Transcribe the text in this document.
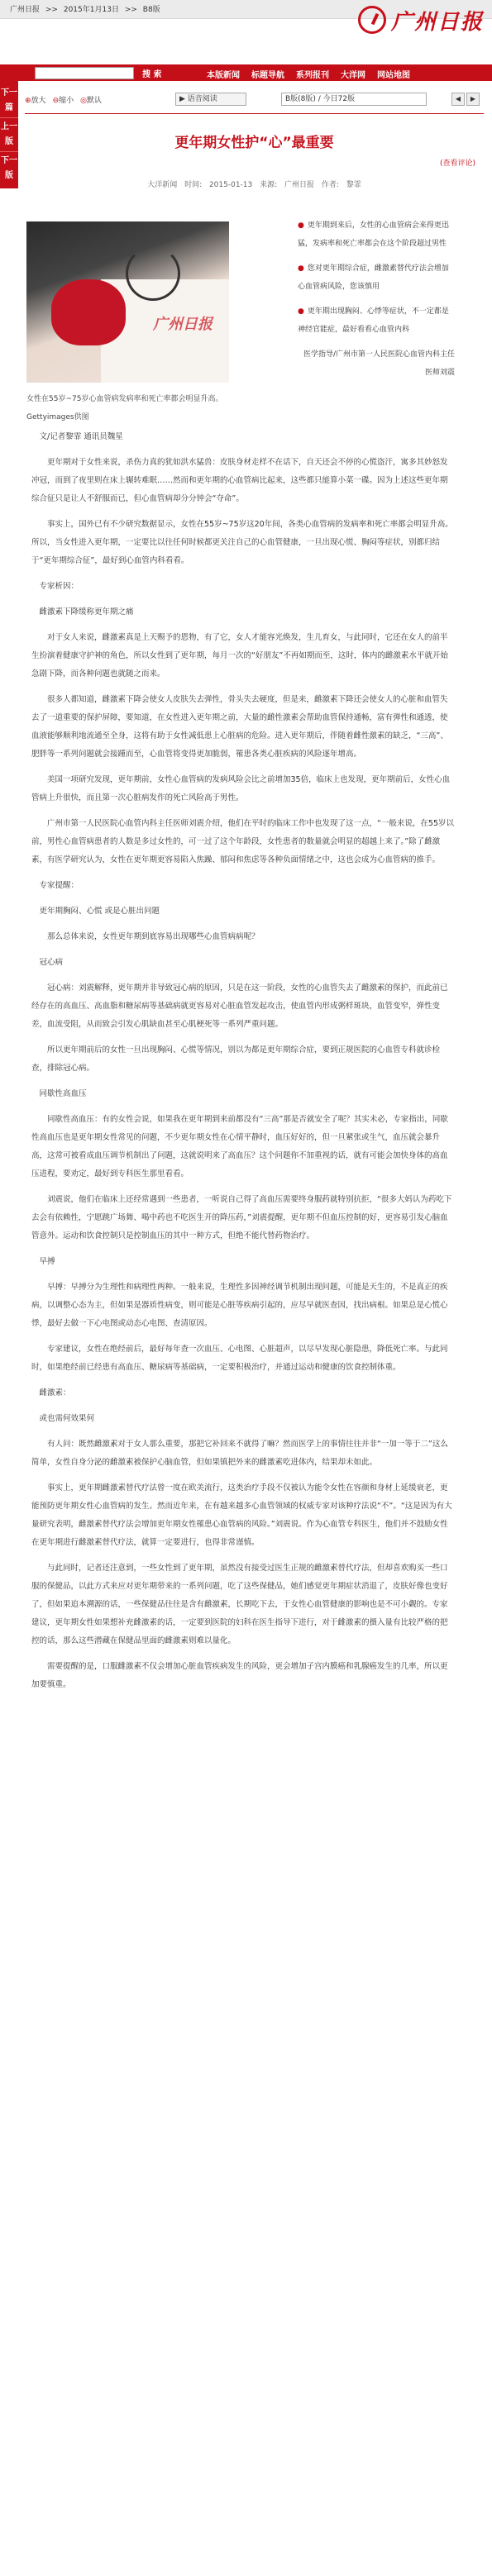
广州日报 >> 2015年1月13日 >> B8版	广州日报
搜 索	本版新闻 标题导航 系列报刊 大洋网 网站地图
下一篇
上一版
下一版
⊕放大 ⊖缩小 ◎默认	▶ 语音阅读	B版(8版) / 今日72版	◀	▶
更年期女性护“心”最重要
(查看评论)
大洋新闻 时间: 2015-01-13 来源: 广州日报 作者: 黎霏
广州日报
女性在55岁~75岁心血管病发病率和死亡率都会明显升高。 Gettyimages供图

● 更年期到来后，女性的心血管病会来得更迅猛，发病率和死亡率都会在这个阶段超过男性

● 您对更年期综合症，雌激素替代疗法会增加心血管病风险，您该慎用

● 更年期出现胸闷、心悸等症状，不一定都是神经官能症，最好看看心血管内科

医学指导/广州市第一人民医院心血管内科主任医师刘震

文/记者黎霏 通讯员魏星

更年期对于女性来说，杀伤力真的犹如洪水猛兽：皮肤身材走样不在话下，自天还会不停的心慌盗汗，寓多其妙怒发冲冠，而到了夜里则在床上辗转难眠……然而和更年期的心血管病比起来，这些都只能算小菜一碟。因为上述这些更年期综合征只是让人不舒服而已，但心血管病却分分钟会“夺命”。

事实上，国外已有不少研究数据显示，女性在55岁~75岁这20年间，各类心血管病的发病率和死亡率都会明显升高。所以，当女性进入更年期，一定要比以往任何时候都更关注自己的心血管健康，一旦出现心慌、胸闷等症状，别都归结于“更年期综合征”，最好到心血管内科看看。

专家析因：

雌激素下降缓称更年期之痛

对于女人来说，雌激素真是上天赐予的恩物，有了它，女人才能容光焕发，生儿育女，与此同时，它还在女人的前半生扮演着健康守护神的角色，所以女性到了更年期，每月一次的“好朋友”不再如期而至，这时，体内的雌激素水平就开始急剧下降，而各种问题也就随之而来。

很多人都知道，雌激素下降会使女人皮肤失去弹性，骨头失去硬度，但是来，雌激素下降还会使女人的心脏和血管失去了一道重要的保护屏障，要知道，在女性进入更年期之前，大量的雌性激素会帮助血管保持通畅，富有弹性和通透，使血液能够顺利地流通至全身，这将有助于女性减低患上心脏病的危险。进入更年期后，伴随着雌性激素的缺乏，“三高”、肥胖等一系列问题就会接踵而至，心血管将变得更加脆弱，罹患各类心脏疾病的风险逐年增高。

美国一项研究发现，更年期前，女性心血管病的发病风险会比之前增加35倍，临床上也发现，更年期前后，女性心血管病上升很快，而且第一次心脏病发作的死亡风险高于男性。

广州市第一人民医院心血管内科主任医师刘震介绍，他们在平时的临床工作中也发现了这一点，“一般来说，在55岁以前，男性心血管病患者的人数是多过女性的，可一过了这个年龄段，女性患者的数量就会明显的超越上来了。”除了雌激素，有医学研究认为，女性在更年期更容易陷入焦躁、郁闷和焦虑等各种负面情绪之中，这也会成为心血管病的推手。

专家提醒：

更年期胸闷、心慌 或是心脏出问题

那么总体来说，女性更年期到底容易出现哪些心血管病病呢？

冠心病

冠心病：刘震解释，更年期并非导致冠心病的原因，只是在这一阶段，女性的心血管失去了雌激素的保护，而此前已经存在的高血压、高血脂和糖尿病等基础病就更容易对心脏血管发起攻击，使血管内形成粥样斑块，血管变窄，弹性变差，血流受阻，从而致会引发心肌缺血甚至心肌梗死等一系列严重问题。

所以更年期前后的女性一旦出现胸闷、心慌等情况，别以为都是更年期综合症，要到正规医院的心血管专科就诊检查，排除冠心病。

同歇性高血压

同歇性高血压：有的女性会说，如果我在更年期到来前都没有“三高”那是否就安全了呢？其实未必，专家指出，同歇性高血压也是更年期女性常见的问题，不少更年期女性在心情平静时，血压好好的，但一旦紧张或生气，血压就会暴升高，这常可被看成血压调节机制出了问题，这就说明来了高血压？这个问题你不加重视的话，就有可能会加快身体的高血压进程，要劝定，最好到专科医生那里看看。

刘震说，他们在临床上还经常遇到一些患者，一听说自己得了高血压需要终身服药就特别抗拒，“很多大妈认为药吃下去会有依赖性，宁愿跳广场舞、喝中药也不吃医生开的降压药，”刘震提醒，更年期不但血压控制的好，更容易引发心脑血管意外。运动和饮食控制只是控制血压的其中一种方式，但绝不能代替药物治疗。

早搏

早搏：早搏分为生理性和病理性两种。一般来说，生理性多因神经调节机制出现问题，可能是天生的，不是真正的疾病，以调整心态为主，但如果是器质性病变，则可能是心脏等疾病引起的，应尽早就医查因，找出病根。如果总是心慌心悸，最好去做一下心电图或动态心电图、查清原因。

专家建议，女性在绝经前后，最好每年查一次血压、心电图、心脏超声，以尽早发现心脏隐患，降低死亡率。与此同时，如果绝经前已经患有高血压、糖尿病等基础病，一定要积极治疗，并通过运动和健康的饮食控制体重。

雌激素：

或也需何效果何

有人问：既然雌激素对于女人那么重要，那把它补回来不就得了嘛？然而医学上的事情往往并非“一加一等于二”这么简单，女性自身分泌的雌激素被保护心脑血管，但如果镇把外来的雌激素吃进体内，结果却未如此。

事实上，更年期雌激素替代疗法曾一度在欧美流行，这类治疗手段不仅被认为能令女性在容颜和身材上延缓衰老，更能预防更年期女性心血管病的发生。然而近年来，在有越来越多心血管领域的权威专家对该种疗法说“不”。“这是因为有大量研究表明，雌激素替代疗法会增加更年期女性罹患心血管病的风险。”刘震说。作为心血管专科医生，他们并不鼓励女性在更年期进行雌激素替代疗法，就算一定要进行，也得非常谨慎。

与此同时，记者还注意到，一些女性到了更年期，虽然没有接受过医生正规的雌激素替代疗法，但却喜欢购买一些口服的保健品，以此方式来应对更年期带来的一系列问题，吃了这些保健品，她们感觉更年期症状消退了，皮肤好像也变好了，但如果追本溯源的话，一些保健品往往是含有雌激素，长期吃下去，于女性心血管健康的影响也是不可小觑的。专家建议，更年期女性如果想补充雌激素的话，一定要到医院的妇科在医生指导下进行，对于雌激素的摄入量有比较严格的把控的话，那么这些潜藏在保健品里面的雌激素则难以量化。

需要提醒的是，口服雌激素不仅会增加心脏血管疾病发生的风险，更会增加子宫内膜癌和乳腺癌发生的几率，所以更加要慎重。
